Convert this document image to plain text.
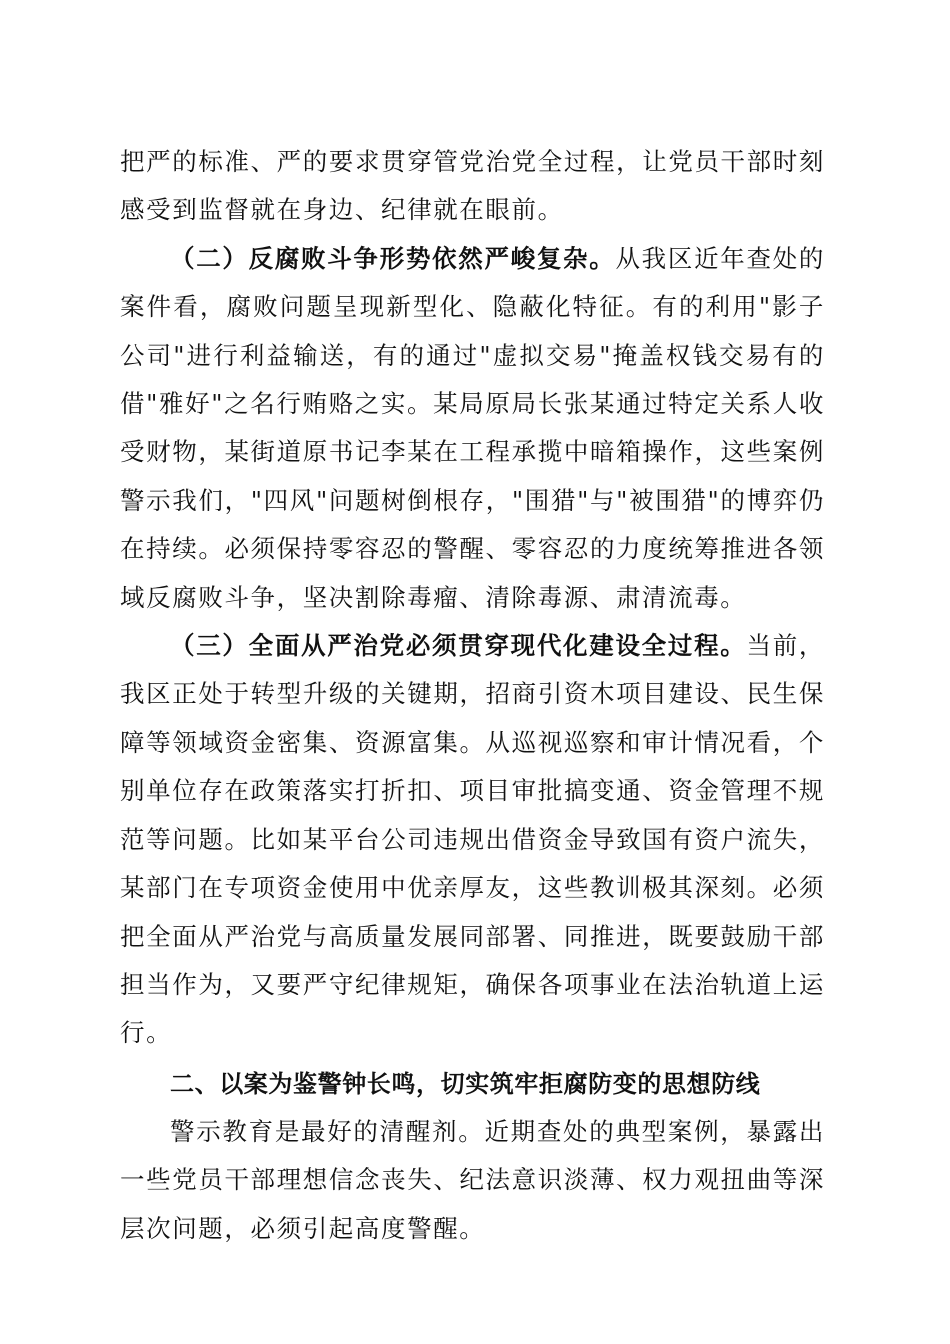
把严的标准、严的要求贯穿管党治党全过程，让党员干部时刻感受到监督就在身边、纪律就在眼前。

（二）反腐败斗争形势依然严峻复杂。从我区近年查处的案件看，腐败问题呈现新型化、隐蔽化特征。有的利用"影子公司"进行利益输送，有的通过"虚拟交易"掩盖权钱交易有的借"雅好"之名行贿赂之实。某局原局长张某通过特定关系人收受财物，某街道原书记李某在工程承揽中暗箱操作，这些案例警示我们，"四风"问题树倒根存，"围猎"与"被围猎"的博弈仍在持续。必须保持零容忍的警醒、零容忍的力度统筹推进各领域反腐败斗争，坚决割除毒瘤、清除毒源、肃清流毒。

（三）全面从严治党必须贯穿现代化建设全过程。当前，我区正处于转型升级的关键期，招商引资木项目建设、民生保障等领域资金密集、资源富集。从巡视巡察和审计情况看，个别单位存在政策落实打折扣、项目审批搞变通、资金管理不规范等问题。比如某平台公司违规出借资金导致国有资户流失，某部门在专项资金使用中优亲厚友，这些教训极其深刻。必须把全面从严治党与高质量发展同部署、同推进，既要鼓励干部担当作为，又要严守纪律规矩，确保各项事业在法治轨道上运行。

二、以案为鉴警钟长鸣，切实筑牢拒腐防变的思想防线

警示教育是最好的清醒剂。近期查处的典型案例，暴露出一些党员干部理想信念丧失、纪法意识淡薄、权力观扭曲等深层次问题，必须引起高度警醒。
